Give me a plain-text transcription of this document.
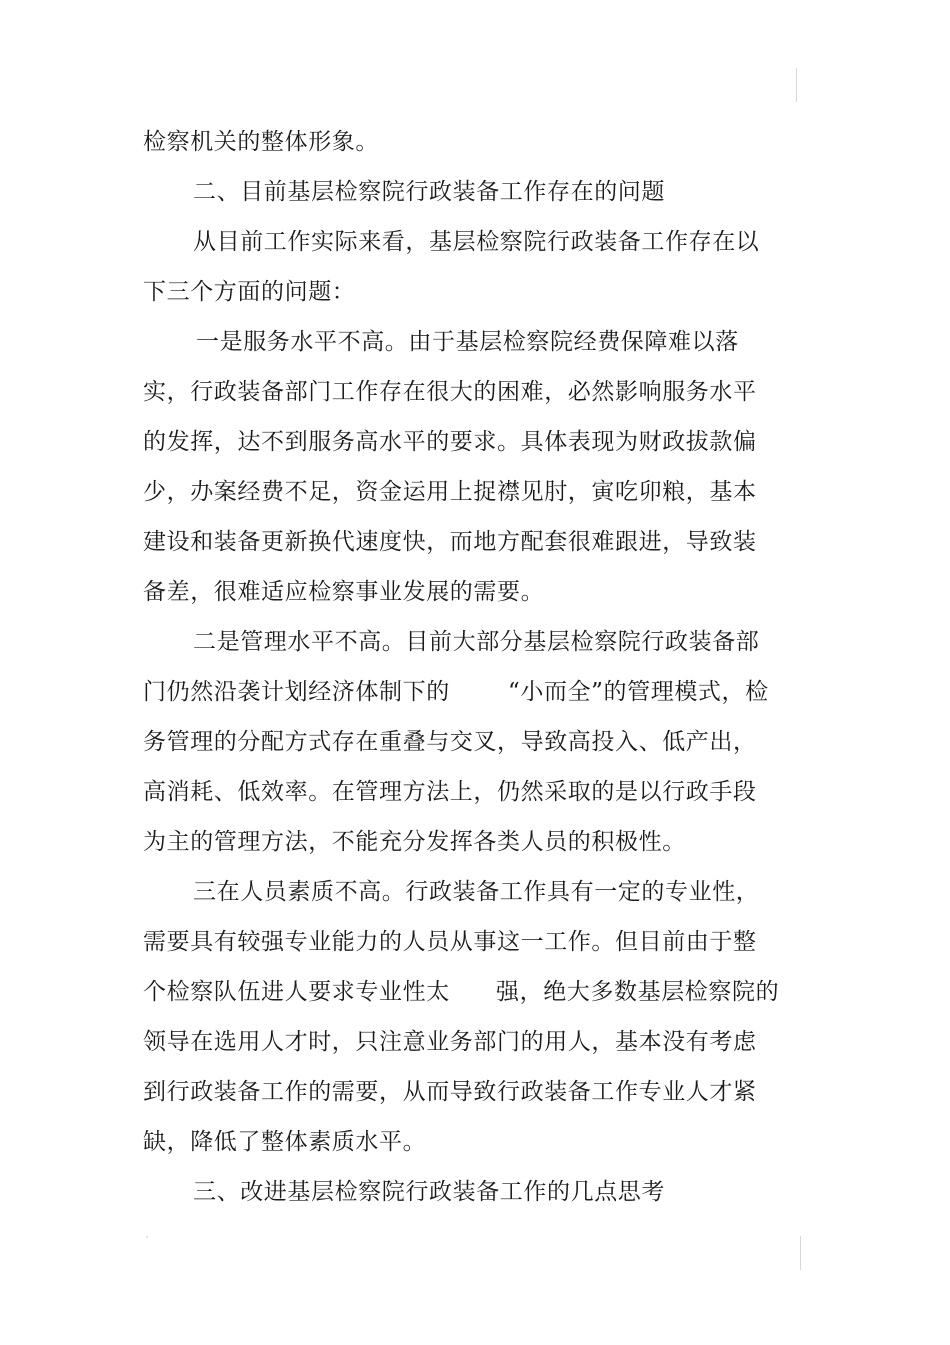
检察机关的整体形象。
二、目前基层检察院行政装备工作存在的问题
从目前工作实际来看，基层检察院行政装备工作存在以
下三个方面的问题：
一是服务水平不高。由于基层检察院经费保障难以落
实，行政装备部门工作存在很大的困难，必然影响服务水平
的发挥，达不到服务高水平的要求。具体表现为财政拔款偏
少，办案经费不足，资金运用上捉襟见肘，寅吃卯粮，基本
建设和装备更新换代速度快，而地方配套很难跟进，导致装
备差，很难适应检察事业发展的需要。
二是管理水平不高。目前大部分基层检察院行政装备部
门仍然沿袭计划经济体制下的	“小而全”的管理模式，检
务管理的分配方式存在重叠与交叉，导致高投入、低产出，
高消耗、低效率。在管理方法上，仍然采取的是以行政手段
为主的管理方法，不能充分发挥各类人员的积极性。
三在人员素质不高。行政装备工作具有一定的专业性，
需要具有较强专业能力的人员从事这一工作。但目前由于整
个检察队伍进人要求专业性太 强，绝大多数基层检察院的
领导在选用人才时，只注意业务部门的用人，基本没有考虑
到行政装备工作的需要，从而导致行政装备工作专业人才紧
缺，降低了整体素质水平。
三、改进基层检察院行政装备工作的几点思考
